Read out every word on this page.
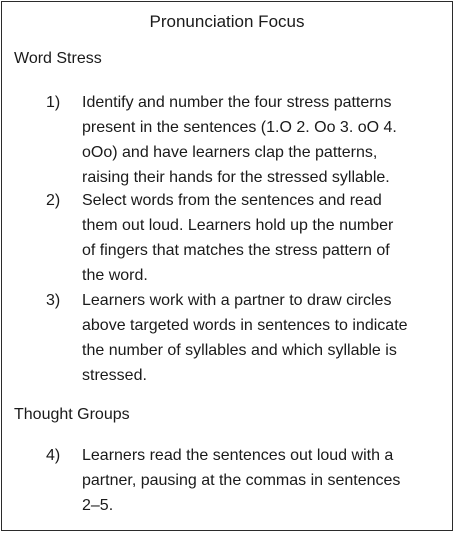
Pronunciation Focus
Word Stress
1) Identify and number the four stress patterns
present in the sentences (1.O 2. Oo 3. oO 4.
oOo) and have learners clap the patterns,
raising their hands for the stressed syllable.
2) Select words from the sentences and read
them out loud. Learners hold up the number
of fingers that matches the stress pattern of
the word.
3) Learners work with a partner to draw circles
above targeted words in sentences to indicate
the number of syllables and which syllable is
stressed.
Thought Groups
4) Learners read the sentences out loud with a
partner, pausing at the commas in sentences
2–5.
